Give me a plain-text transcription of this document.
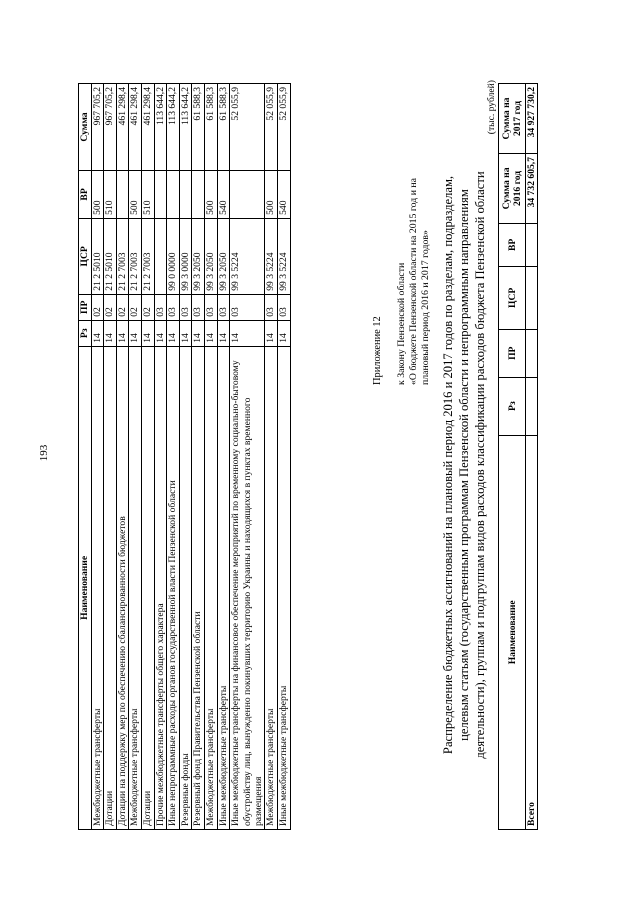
193
Наименование	Рз	ПР	ЦСР	ВР	Сумма
Межбюджетные трансферты	14	02	21 2 5010	500	967 705,2
Дотации	14	02	21 2 5010	510	967 705,2
Дотации на поддержку мер по обеспечению сбалансированности бюджетов	14	02	21 2 7003		461 298,4
Межбюджетные трансферты	14	02	21 2 7003	500	461 298,4
Дотации	14	02	21 2 7003	510	461 298,4
Прочие межбюджетные трансферты общего характера	14	03			113 644,2
Иные непрограммные расходы органов государственной власти Пензенской области	14	03	99 0 0000		113 644,2
Резервные фонды	14	03	99 3 0000		113 644,2
Резервный фонд Правительства Пензенской области	14	03	99 3 2050		61 588,3
Межбюджетные трансферты	14	03	99 3 2050	500	61 588,3
Иные межбюджетные трансферты	14	03	99 3 2050	540	61 588,3
Иные межбюджетные трансферты на финансовое обеспечение мероприятий по временному социально-бытовому обустройству лиц, вынужденно покинувших территорию Украины и находящихся в пунктах временного размещения	14	03	99 3 5224		52 055,9
Межбюджетные трансферты	14	03	99 3 5224	500	52 055,9
Иные межбюджетные трансферты	14	03	99 3 5224	540	52 055,9
Приложение 12 к Закону Пензенской области «О бюджете Пензенской области на 2015 год и на плановый период 2016 и 2017 годов» Распределение бюджетных ассигнований на плановый период 2016 и 2017 годов по разделам, подразделам, целевым статьям (государственным программам Пензенской области и непрограммным направлениям деятельности), группам и подгруппам видов расходов классификации расходов бюджета Пензенской области
(тыс. рублей)
Наименование	Рз	ПР	ЦСР	ВР	Сумма на 2016 год	Сумма на 2017 год
Всего					34 732 605,7	34 927 730,2
